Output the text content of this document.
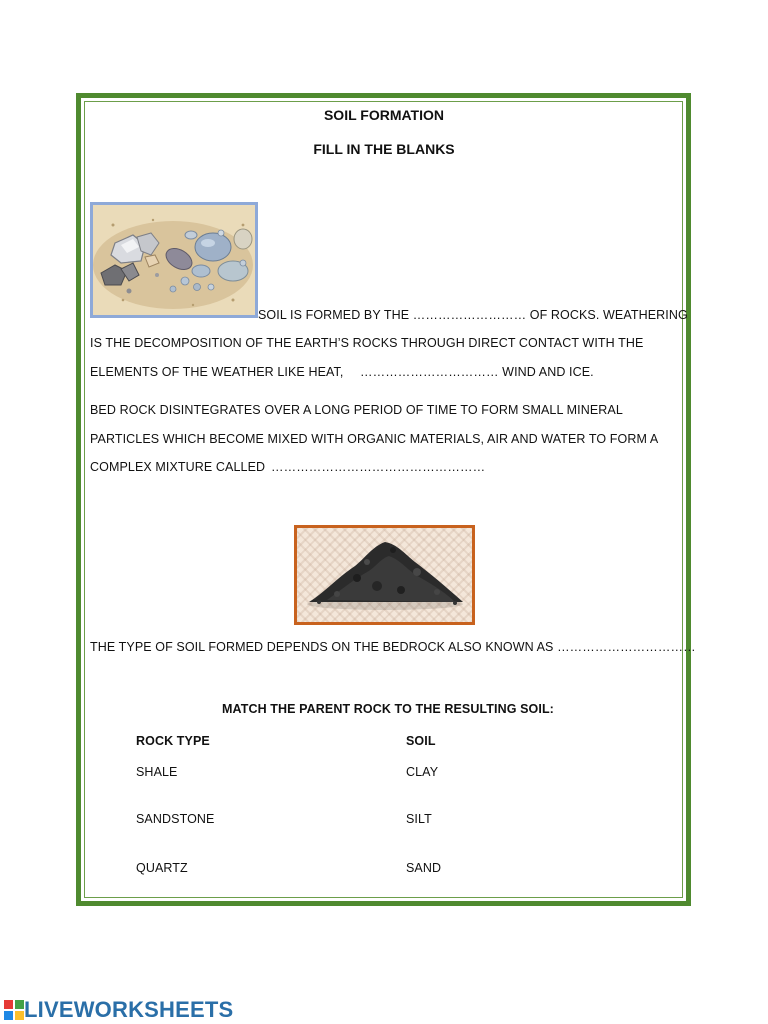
SOIL FORMATION
FILL IN THE BLANKS
SOIL IS FORMED BY THE ……………………… OF ROCKS. WEATHERING
IS THE DECOMPOSITION OF THE EARTH’S ROCKS THROUGH DIRECT CONTACT WITH THE
ELEMENTS OF THE WEATHER LIKE HEAT, …………………………… WIND AND ICE.
BED ROCK DISINTEGRATES OVER A LONG PERIOD OF TIME TO FORM SMALL MINERAL
PARTICLES WHICH BECOME MIXED WITH ORGANIC MATERIALS, AIR AND WATER TO FORM A
COMPLEX MIXTURE CALLED ……………………………………………
THE TYPE OF SOIL FORMED DEPENDS ON THE BEDROCK ALSO KNOWN AS ……………………………
MATCH THE PARENT ROCK TO THE RESULTING SOIL:
ROCK TYPE	SOIL
SHALE	CLAY
SANDSTONE	SILT
QUARTZ	SAND
LIVEWORKSHEETS
